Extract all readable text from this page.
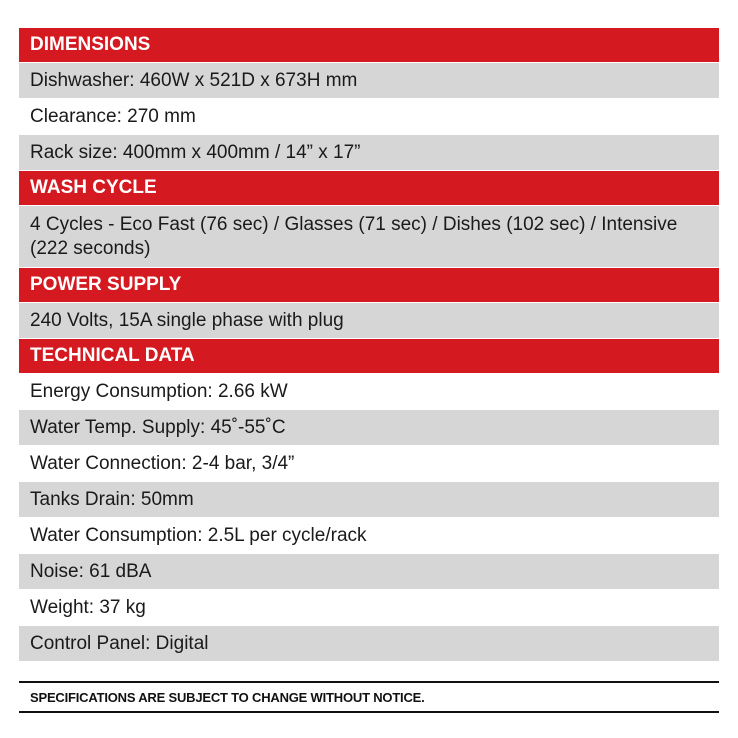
DIMENSIONS
Dishwasher: 460W x 521D x 673H mm
Clearance: 270 mm
Rack size: 400mm x 400mm / 14” x 17”
WASH CYCLE
4 Cycles - Eco Fast (76 sec) / Glasses (71 sec) / Dishes (102 sec) / Intensive (222 seconds)
POWER SUPPLY
240 Volts, 15A single phase with plug
TECHNICAL DATA
Energy Consumption: 2.66 kW
Water Temp. Supply: 45˚-55˚C
Water Connection: 2-4 bar, 3/4”
Tanks Drain: 50mm
Water Consumption: 2.5L per cycle/rack
Noise: 61 dBA
Weight: 37 kg
Control Panel: Digital
SPECIFICATIONS ARE SUBJECT TO CHANGE WITHOUT NOTICE.
